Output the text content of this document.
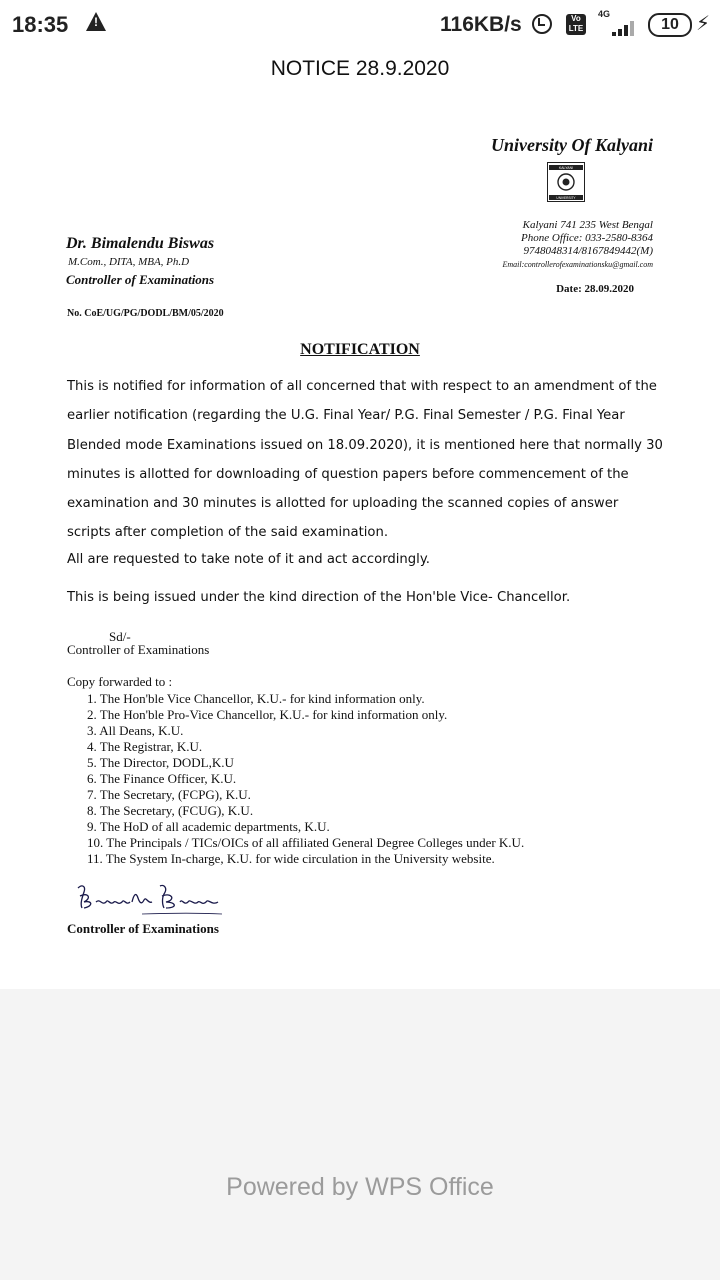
18:35
!	116KB/s	Vo LTE
4G
10 ⚡︎
NOTICE 28.9.2020
University Of Kalyani
KALYANI
UNIVERSITY
Kalyani 741 235 West Bengal
Phone Office: 033-2580-8364
9748048314/8167849442(M)
Email:controllerofexaminationsku@gmail.com
Date: 28.09.2020
Dr. Bimalendu Biswas
M.Com., DITA, MBA, Ph.D
Controller of Examinations
No. CoE/UG/PG/DODL/BM/05/2020
NOTIFICATION

This is notified for information of all concerned that with respect to an amendment of the earlier notification (regarding the U.G. Final Year/ P.G. Final Semester / P.G. Final Year Blended mode Examinations issued on 18.09.2020), it is mentioned here that normally 30 minutes is allotted for downloading of question papers before commencement of the examination and 30 minutes is allotted for uploading the scanned copies of answer scripts after completion of the said examination.

All are requested to take note of it and act accordingly.
This is being issued under the kind direction of the Hon'ble Vice- Chancellor.
Sd/-
Controller of Examinations
Copy forwarded to :
1. The Hon'ble Vice Chancellor, K.U.- for kind information only.
2. The Hon'ble Pro-Vice Chancellor, K.U.- for kind information only.
3. All Deans, K.U.
4. The Registrar, K.U.
5. The Director, DODL,K.U
6. The Finance Officer, K.U.
7. The Secretary, (FCPG), K.U.
8. The Secretary, (FCUG), K.U.
9. The HoD of all academic departments, K.U.
10. The Principals / TICs/OICs of all affiliated General Degree Colleges under K.U.
11. The System In-charge, K.U. for wide circulation in the University website.
Controller of Examinations
Powered by WPS Office
